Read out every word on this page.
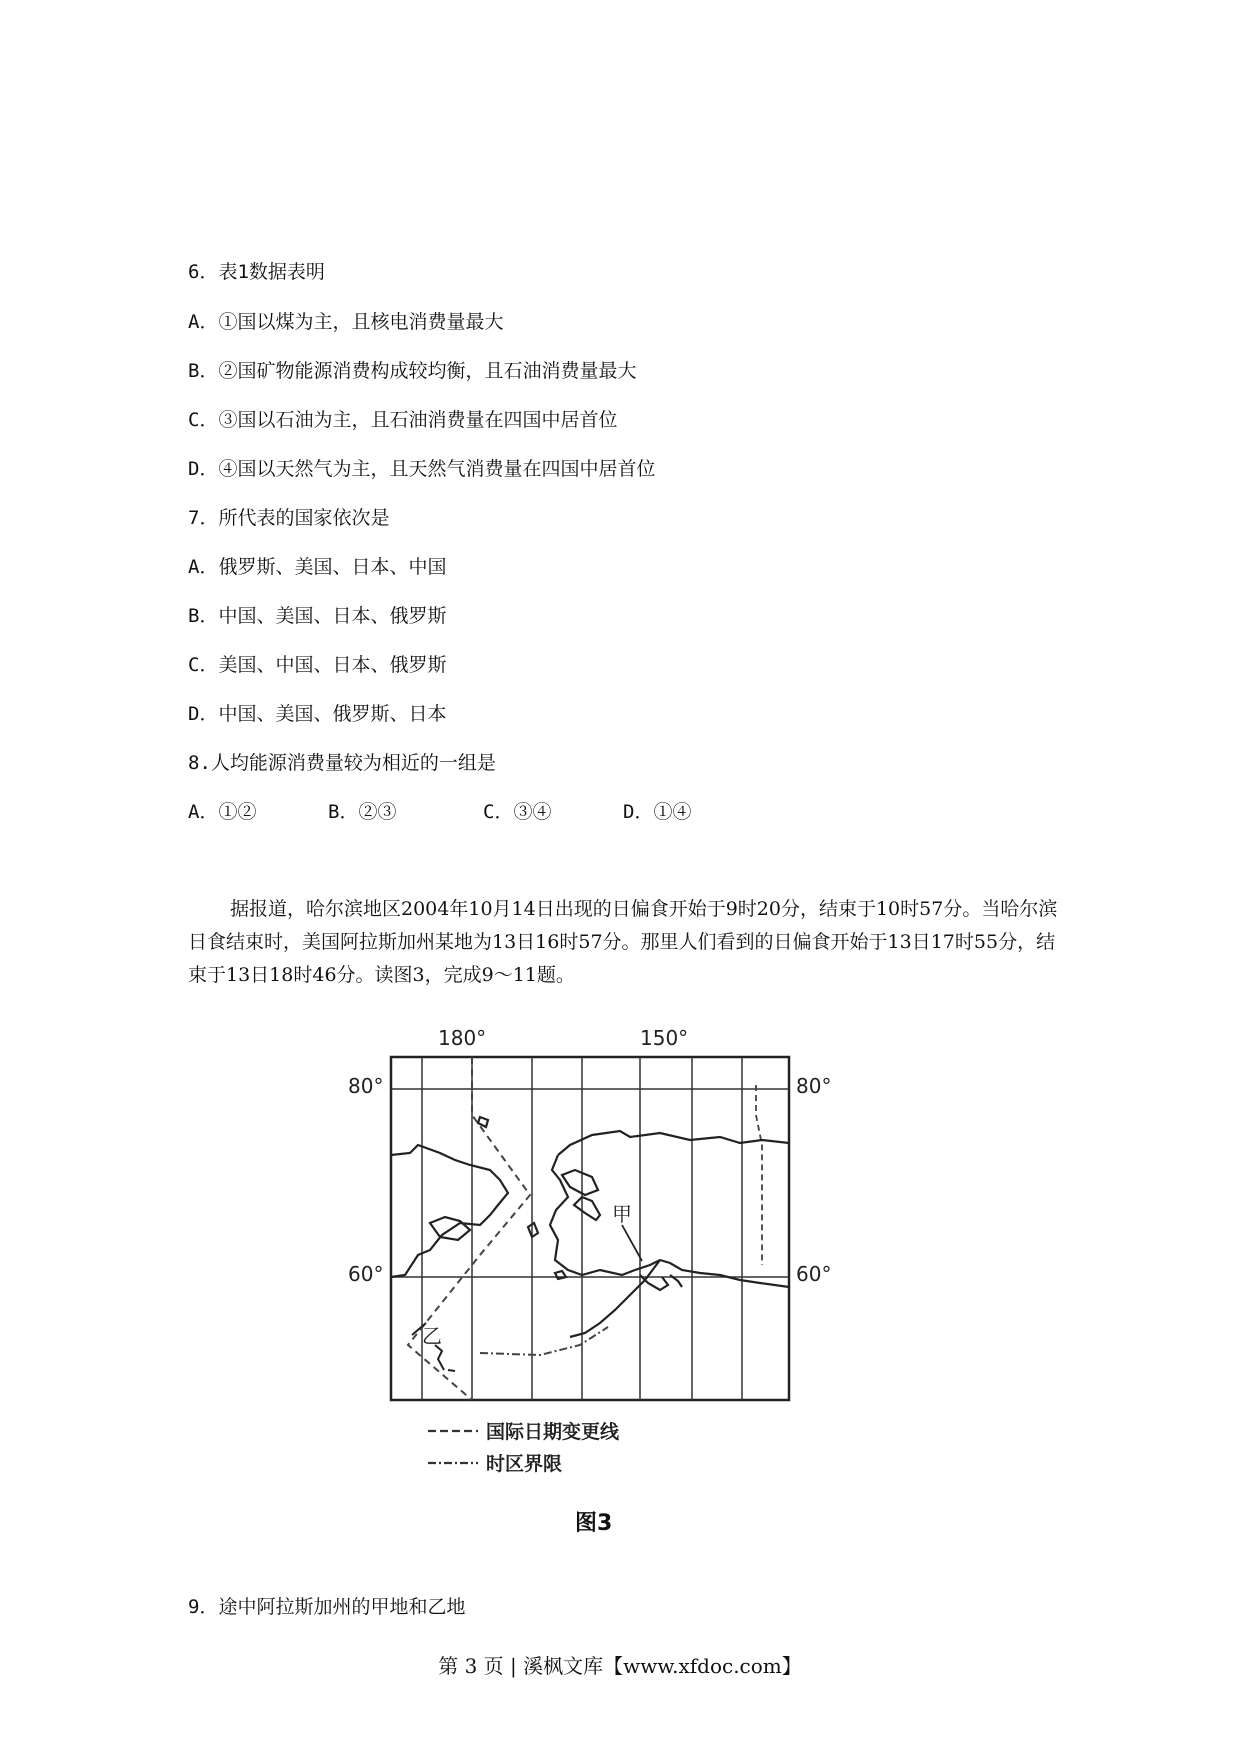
6．表1数据表明
A．①国以煤为主，且核电消费量最大
B．②国矿物能源消费构成较均衡，且石油消费量最大
C．③国以石油为主，且石油消费量在四国中居首位
D．④国以天然气为主，且天然气消费量在四国中居首位
7．所代表的国家依次是
A．俄罗斯、美国、日本、中国
B．中国、美国、日本、俄罗斯
C．美国、中国、日本、俄罗斯
D．中国、美国、俄罗斯、日本
8.人均能源消费量较为相近的一组是
A．①②	B．②③	C．③④	D．①④
据报道，哈尔滨地区2004年10月14日出现的日偏食开始于9时20分，结束于10时57分。当哈尔滨日食结束时，美国阿拉斯加州某地为13日16时57分。那里人们看到的日偏食开始于13日17时55分，结束于13日18时46分。读图3，完成9～11题。
180°	150°
80°	80°
60°	60°
甲
乙
国际日期变更线
时区界限
图3
9．途中阿拉斯加州的甲地和乙地
第 3 页 | 溪枫文库【www.xfdoc.com】
